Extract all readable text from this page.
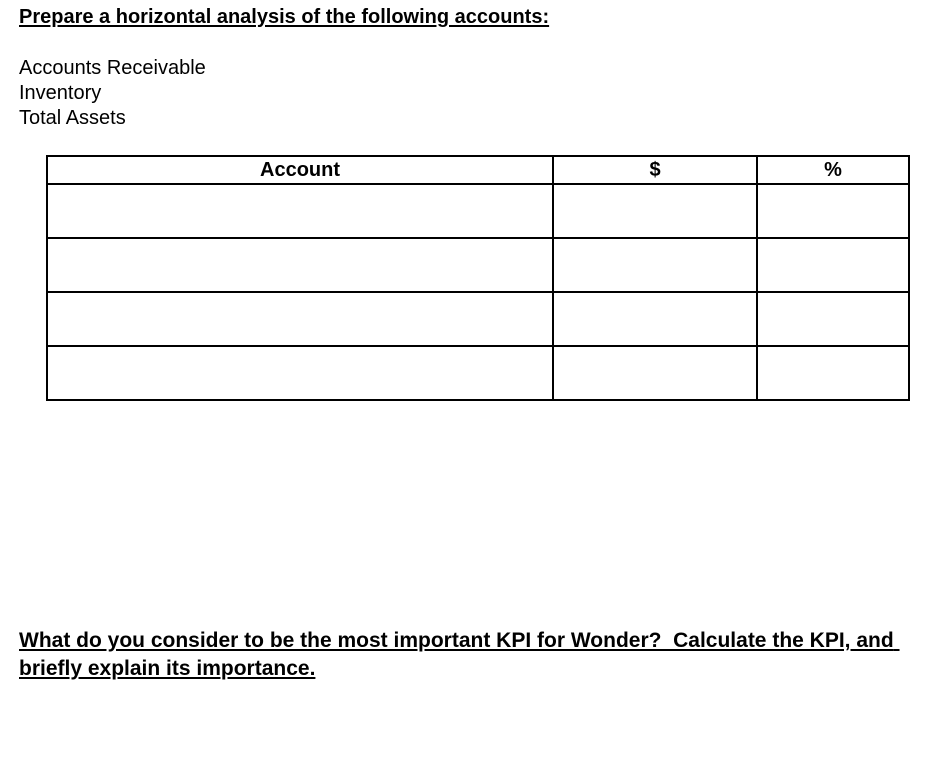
Prepare a horizontal analysis of the following accounts:

Accounts Receivable
Inventory
Total Assets
Account	$	%

What do you consider to be the most important KPI for Wonder?  Calculate the KPI, and briefly explain its importance.
